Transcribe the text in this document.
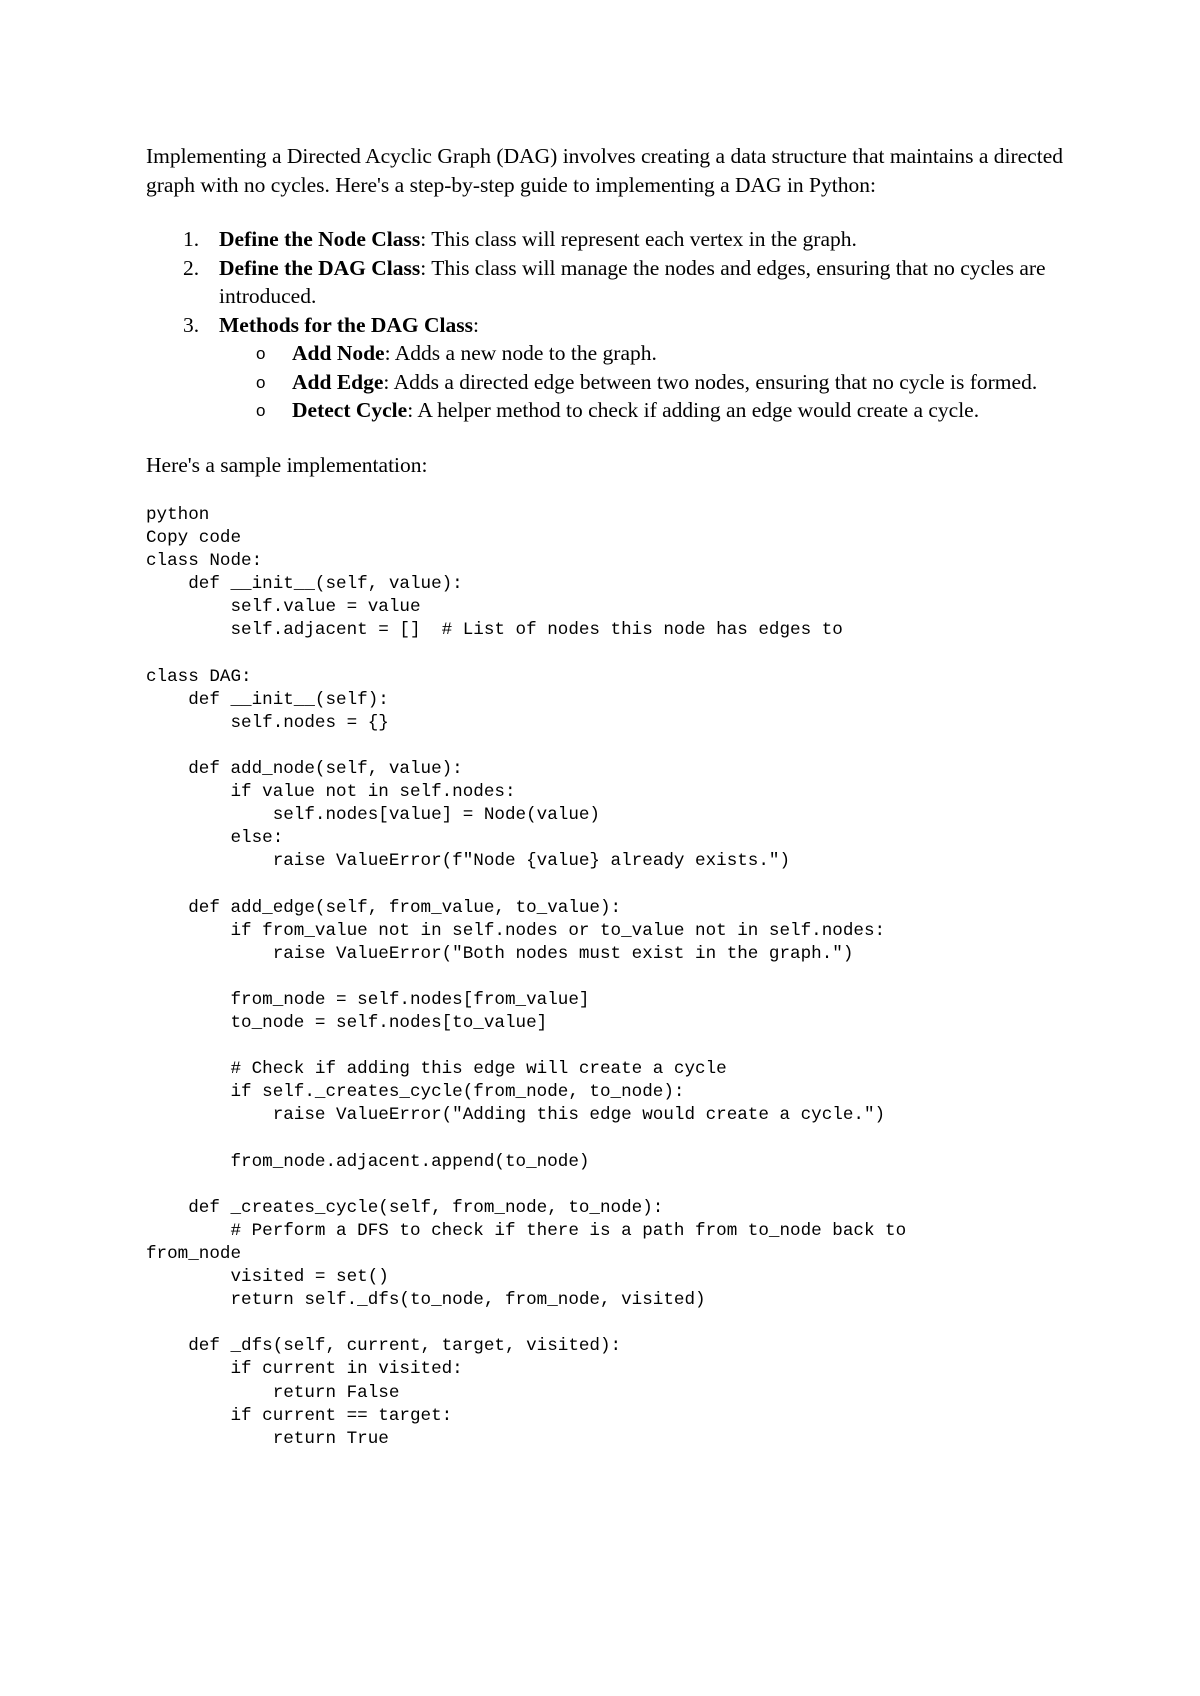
Implementing a Directed Acyclic Graph (DAG) involves creating a data structure that maintains a directed graph with no cycles. Here's a step-by-step guide to implementing a DAG in Python:

1. Define the Node Class: This class will represent each vertex in the graph.
2. Define the DAG Class: This class will manage the nodes and edges, ensuring that no cycles are introduced.
3. Methods for the DAG Class:
o Add Node: Adds a new node to the graph.
o Add Edge: Adds a directed edge between two nodes, ensuring that no cycle is formed.
o Detect Cycle: A helper method to check if adding an edge would create a cycle.

Here's a sample implementation:

python
Copy code
class Node:
def __init__(self, value):
self.value = value
self.adjacent = []  # List of nodes this node has edges to

class DAG:
def __init__(self):
self.nodes = {}

def add_node(self, value):
if value not in self.nodes:
self.nodes[value] = Node(value)
else:
raise ValueError(f"Node {value} already exists.")

def add_edge(self, from_value, to_value):
if from_value not in self.nodes or to_value not in self.nodes:
raise ValueError("Both nodes must exist in the graph.")

from_node = self.nodes[from_value]
to_node = self.nodes[to_value]

# Check if adding this edge will create a cycle
if self._creates_cycle(from_node, to_node):
raise ValueError("Adding this edge would create a cycle.")

from_node.adjacent.append(to_node)

def _creates_cycle(self, from_node, to_node):
# Perform a DFS to check if there is a path from to_node back to
from_node
visited = set()
return self._dfs(to_node, from_node, visited)

def _dfs(self, current, target, visited):
if current in visited:
return False
if current == target:
return True
